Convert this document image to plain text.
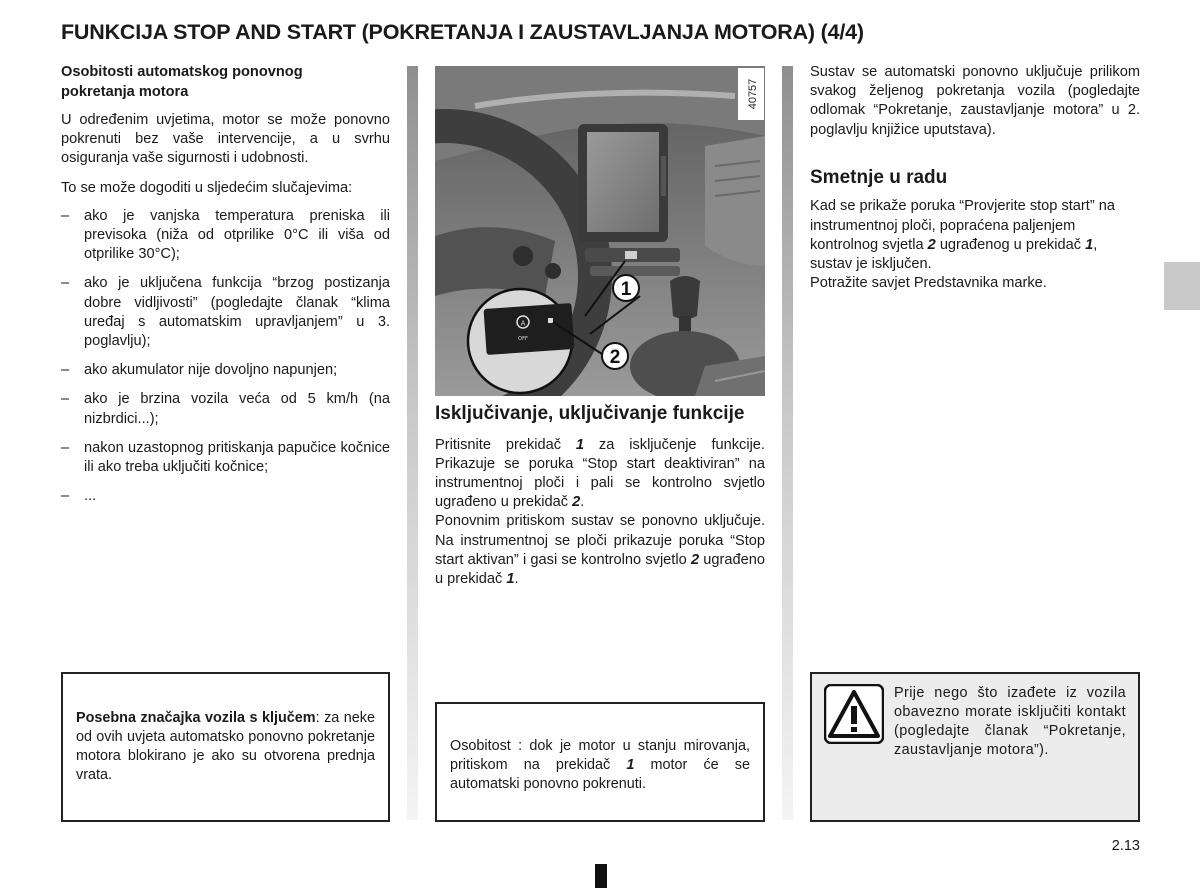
FUNKCIJA STOP AND START (POKRETANJA I ZAUSTAVLJANJA MOTORA) (4/4)
Osobitosti automatskog ponovnog
pokretanja motora

U određenim uvjetima, motor se može ponovno pokrenuti bez vaše intervencije, a u svrhu osiguranja vaše sigurnosti i udobnosti.

To se može dogoditi u sljedećim slučajevima:

– ako je vanjska temperatura preniska ili previsoka (niža od otprilike 0°C ili viša od otprilike 30°C);
– ako je uključena funkcija “brzog postizanja dobre vidljivosti” (pogledajte članak “klima uređaj s automatskim upravljanjem” u 3. poglavlju);
– ako akumulator nije dovoljno napunjen;
– ako je brzina vozila veća od 5 km/h (na nizbrdici...);
– nakon uzastopnog pritiskanja papučice kočnice ili ako treba uključiti kočnice;
– ...
Posebna značajka vozila s ključem: za neke od ovih uvjeta automatsko ponovno pokretanje motora blokirano je ako su otvorena prednja vrata.
A
OFF
1
2
40757
Isključivanje, uključivanje funkcije

Pritisnite prekidač 1 za isključenje funkcije. Prikazuje se poruka “Stop start deaktiviran” na instrumentnoj ploči i pali se kontrolno svjetlo ugrađeno u prekidač 2.

Ponovnim pritiskom sustav se ponovno uključuje. Na instrumentnoj se ploči prikazuje poruka “Stop start aktivan” i gasi se kontrolno svjetlo 2 ugrađeno u prekidač 1.

Osobitost : dok je motor u stanju mirovanja, pritiskom na prekidač 1 motor će se automatski ponovno pokrenuti.

Sustav se automatski ponovno uključuje prilikom svakog željenog pokretanja vozila (pogledajte odlomak “Pokretanje, zaustavljanje motora” u 2. poglavlju knjižice uputstava).

Smetnje u radu

Kad se prikaže poruka “Provjerite stop start” na instrumentnoj ploči, popraćena paljenjem kontrolnog svjetla 2 ugrađenog u prekidač 1, sustav je isključen.

Potražite savjet Predstavnika marke.

Prije nego što izađete iz vozila obavezno morate isključiti kontakt (pogledajte članak “Pokretanje, zaustavljanje motora”).
2.13
